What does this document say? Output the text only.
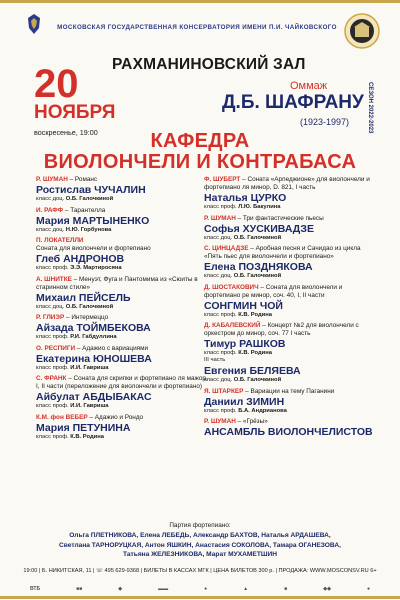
МОСКОВСКАЯ ГОСУДАРСТВЕННАЯ КОНСЕРВАТОРИЯ ИМЕНИ П.И. ЧАЙКОВСКОГО
СЕЗОН 2022-2023
РАХМАНИНОВСКИЙ ЗАЛ
20
НОЯБРЯ
воскресенье, 19:00
Оммаж
Д.Б. ШАФРАНУ
(1923-1997)
КАФЕДРА
ВИОЛОНЧЕЛИ И КОНТРАБАСА
Р. ШУМАН – Романс
Ростислав ЧУЧАЛИН
класс доц. О.Б. Галочкиной
И. РАФФ – Тарантелла
Мария МАРТЫНЕНКО
класс доц. Н.Ю. Горбунова
П. ЛОКАТЕЛЛИ
Соната для виолончели и фортепиано
Глеб АНДРОНОВ
класс проф. Э.Э. Мартиросяна
А. ШНИТКЕ – Менуэт, Фуга и Пантомима из «Сюиты в старинном стиле»
Михаил ПЕЙСЕЛЬ
класс доц. О.Б. Галочкиной
Р. ГЛИЭР – Интермеццо
Айзада ТОЙМБЕКОВА
класс проф. Р.И. Габдуллина
О. РЕСПИГИ – Адажио с вариациями
Екатерина ЮНОШЕВА
класс проф. И.И. Гавриша
С. ФРАНК – Соната для скрипки и фортепиано ля мажор, I, II части (переложение для виолончели и фортепиано)
Айбулат АБДЫБАКАС
класс проф. И.И. Гавриша
К.М. фон ВЕБЕР – Адажио и Рондо
Мария ПЕТУНИНА
класс проф. К.В. Родина
Ф. ШУБЕРТ – Соната «Арпеджионе» для виолончели и фортепиано ля минор, D. 821, I часть
Наталья ЦУРКО
класс проф. Л.Ю. Бакулина
Р. ШУМАН – Три фантастические пьесы
Софья ХУСКИВАДЗЕ
класс доц. О.Б. Галочкиной
С. ЦИНЦАДЗЕ – Аробная песня и Сачидао из цикла «Пять пьес для виолончели и фортепиано»
Елена ПОЗДНЯКОВА
класс доц. О.Б. Галочкиной
Д. ШОСТАКОВИЧ – Соната для виолончели и фортепиано ре минор, соч. 40, I, II части
СОНГМИН ЧОЙ
класс проф. К.В. Родина
Д. КАБАЛЕВСКИЙ – Концерт №2 для виолончели с оркестром до минор, соч. 77 I часть
Тимур РАШКОВ
класс проф. К.В. Родина
III часть
Евгения БЕЛЯЕВА
класс доц. О.Б. Галочкиной
Я. ШТАРКЕР – Вариации на тему Паганини
Даниил ЗИМИН
класс проф. Б.А. Андрианова
Р. ШУМАН – «Грёзы»
АНСАМБЛЬ ВИОЛОНЧЕЛИСТОВ
Партия фортепиано:
Ольга ПЛЕТНИКОВА, Елена ЛЕБЕДЬ, Александр БАХТОВ, Наталья АРДАШЕВА,
Светлана ТАРНОРУЦКАЯ, Антон ЯШКИН, Анастасия СОКОЛОВА, Тамара ОГАНЕЗОВА,
Татьяна ЖЕЛЕЗНИКОВА, Марат МУХАМЕТШИН
19:00 | Б. НИКИТСКАЯ, 11 | ☏ 495 629-9368 | БИЛЕТЫ В КАССАХ МГК | ЦЕНА БИЛЕТОВ 300 р. | ПРОДАЖА: WWW.MOSCONSV.RU 6+
ВТБ	■■	◆	▬▬	●	▲	■	◆◆	●
